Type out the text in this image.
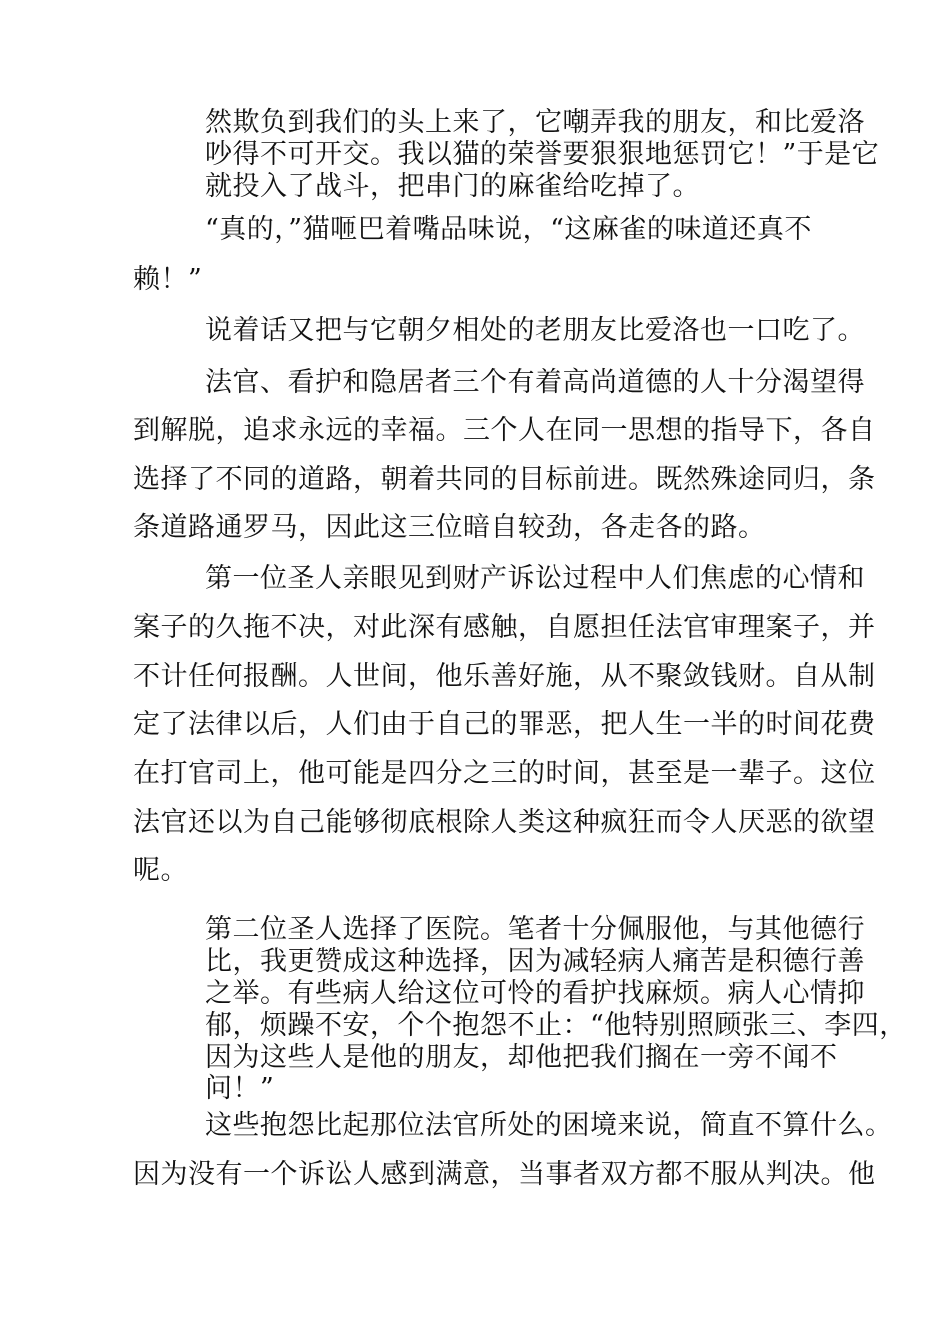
然欺负到我们的头上来了，它嘲弄我的朋友，和比爱洛
吵得不可开交。我以猫的荣誉要狠狠地惩罚它！”于是它
就投入了战斗，把串门的麻雀给吃掉了。
“真的，”猫咂巴着嘴品味说，“这麻雀的味道还真不
赖！”
说着话又把与它朝夕相处的老朋友比爱洛也一口吃了。
法官、看护和隐居者三个有着高尚道德的人十分渴望得
到解脱，追求永远的幸福。三个人在同一思想的指导下，各自
选择了不同的道路，朝着共同的目标前进。既然殊途同归，条
条道路通罗马，因此这三位暗自较劲，各走各的路。
第一位圣人亲眼见到财产诉讼过程中人们焦虑的心情和
案子的久拖不决，对此深有感触，自愿担任法官审理案子，并
不计任何报酬。人世间，他乐善好施，从不聚敛钱财。自从制
定了法律以后，人们由于自己的罪恶，把人生一半的时间花费
在打官司上，他可能是四分之三的时间，甚至是一辈子。这位
法官还以为自己能够彻底根除人类这种疯狂而令人厌恶的欲望
呢。
第二位圣人选择了医院。笔者十分佩服他，与其他德行
比，我更赞成这种选择，因为减轻病人痛苦是积德行善
之举。有些病人给这位可怜的看护找麻烦。病人心情抑
郁，烦躁不安，个个抱怨不止：“他特别照顾张三、李四，
因为这些人是他的朋友，却他把我们搁在一旁不闻不
问！”
这些抱怨比起那位法官所处的困境来说，简直不算什么。
因为没有一个诉讼人感到满意，当事者双方都不服从判决。他
